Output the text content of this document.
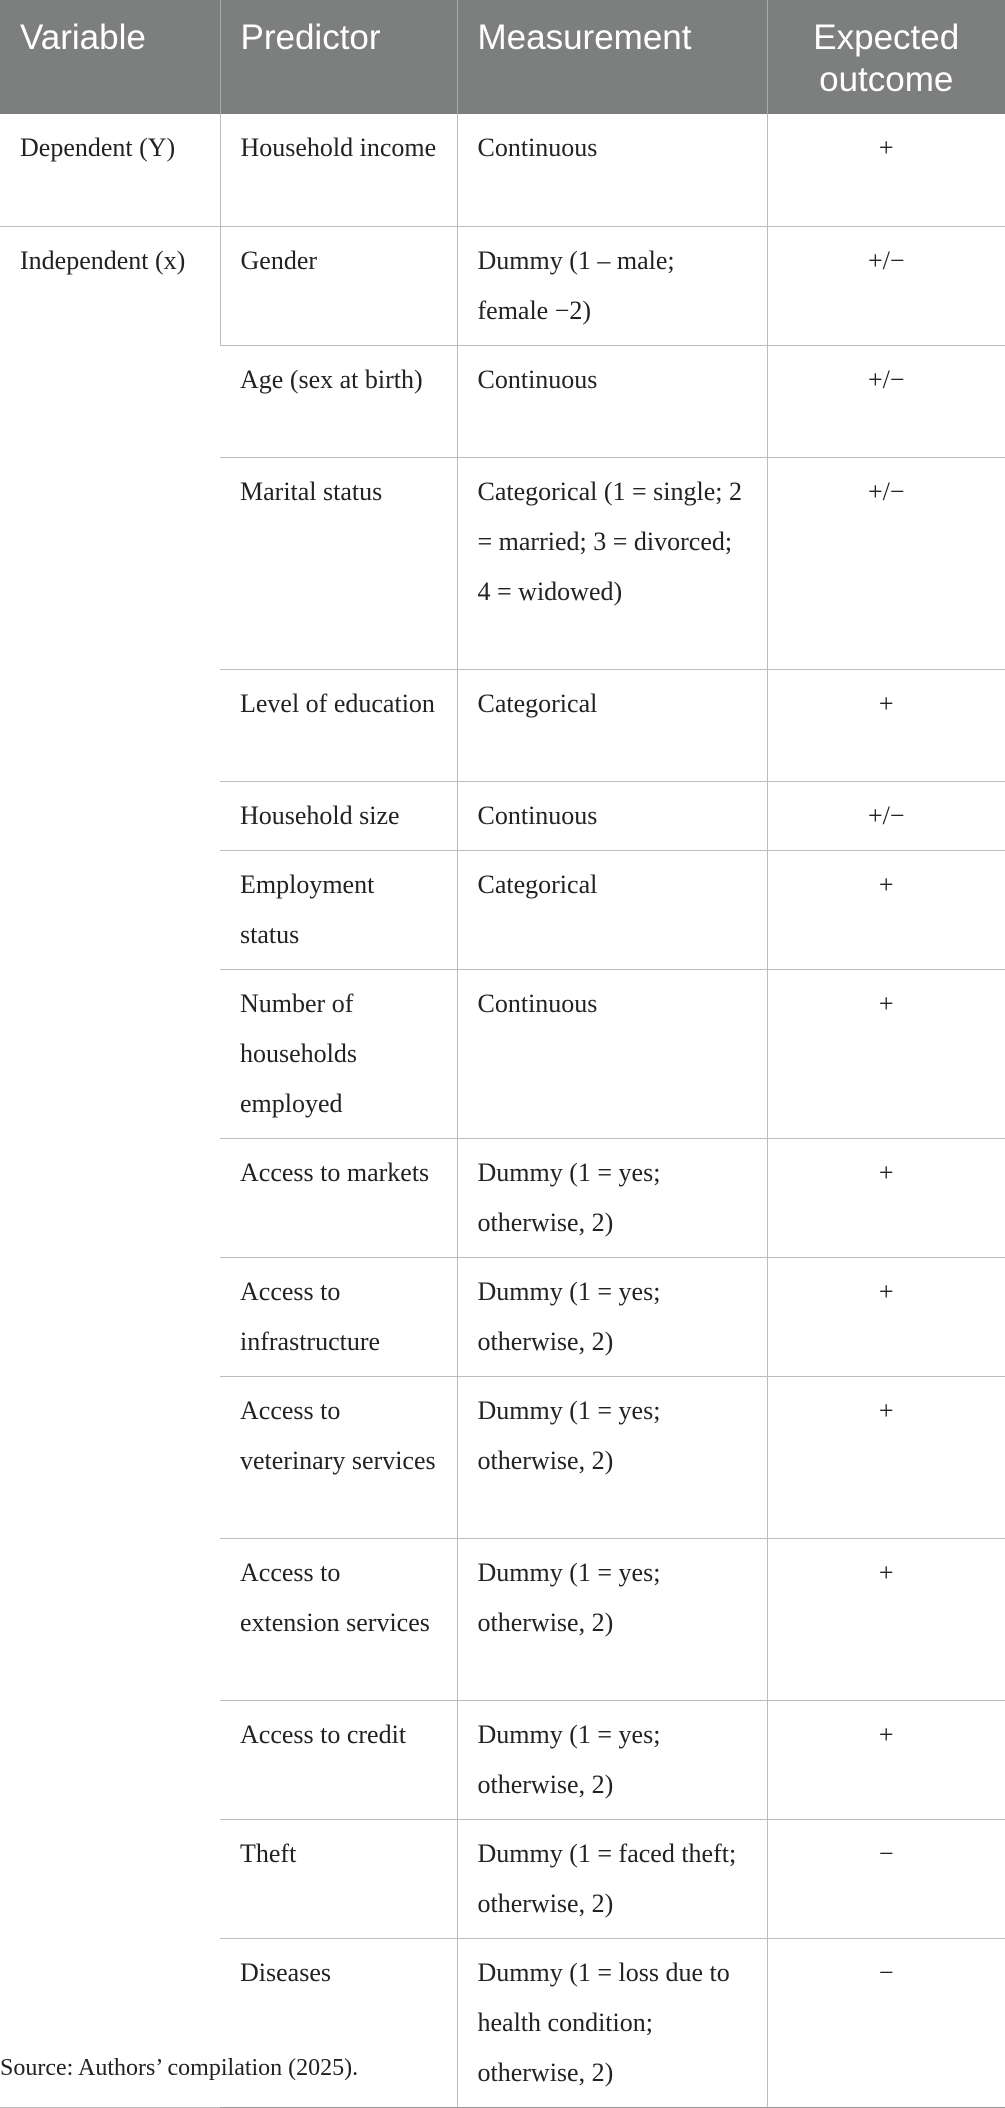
Variable	Predictor	Measurement	Expected outcome
Dependent (Y)	Household income	Continuous	+
Independent (x)	Gender	Dummy (1 – male; female −2)	+/−
	Age (sex at birth)	Continuous	+/−
	Marital status	Categorical (1 = single; 2 = married; 3 = divorced; 4 = widowed)	+/−
	Level of education	Categorical	+
	Household size	Continuous	+/−
	Employment status	Categorical	+
	Number of households employed	Continuous	+
	Access to markets	Dummy (1 = yes; otherwise, 2)	+
	Access to infrastructure	Dummy (1 = yes; otherwise, 2)	+
	Access to veterinary services	Dummy (1 = yes; otherwise, 2)	+
	Access to extension services	Dummy (1 = yes; otherwise, 2)	+
	Access to credit	Dummy (1 = yes; otherwise, 2)	+
	Theft	Dummy (1 = faced theft; otherwise, 2)	−
	Diseases	Dummy (1 = loss due to health condition; otherwise, 2)	−
Source: Authors’ compilation (2025).
